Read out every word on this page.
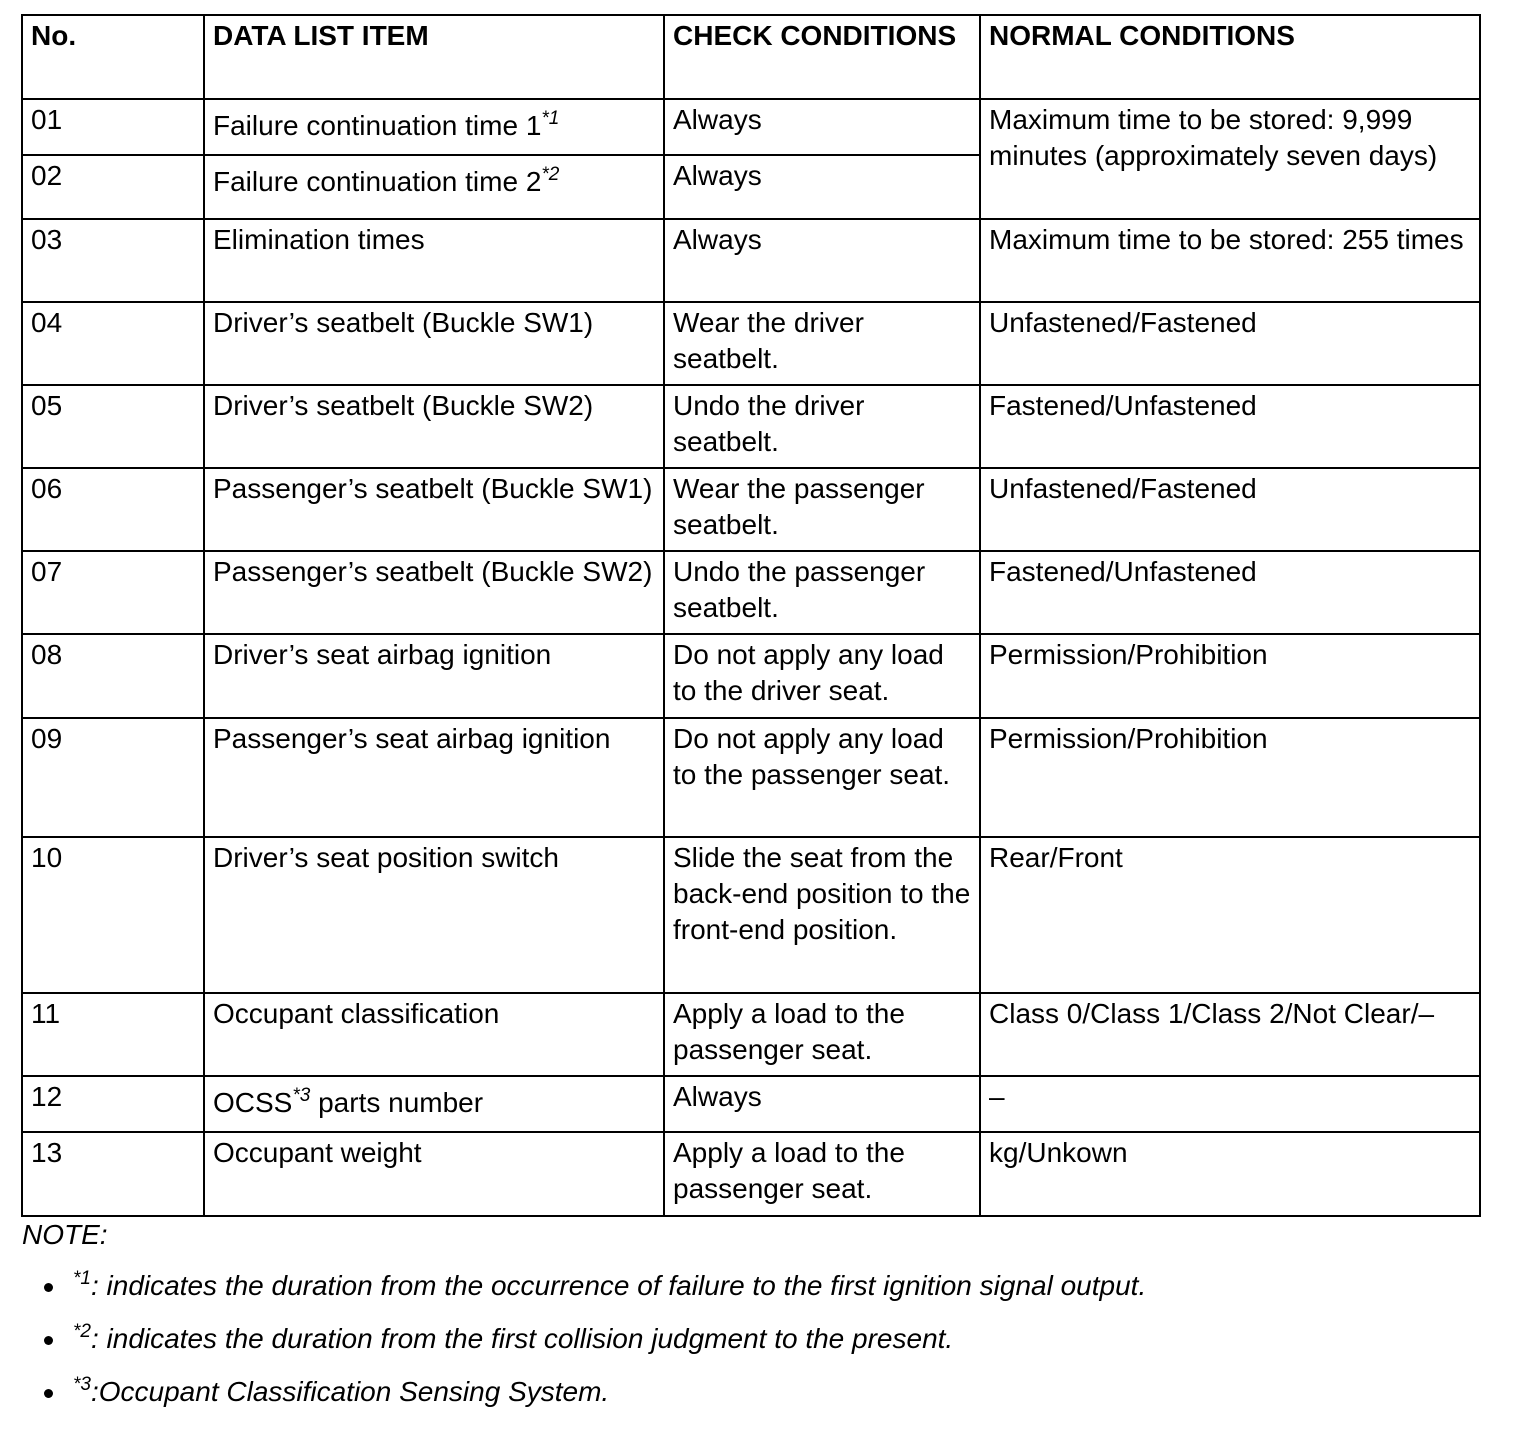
No.	DATA LIST ITEM	CHECK CONDITIONS	NORMAL CONDITIONS
01	Failure continuation time 1$^{*1}$	Always	Maximum time to be stored: 9,999 minutes (approximately seven days)
02	Failure continuation time 2$^{*2}$	Always	
03	Elimination times	Always	Maximum time to be stored: 255 times
04	Driver’s seatbelt (Buckle SW1)	Wear the driver seatbelt.	Unfastened/Fastened
05	Driver’s seatbelt (Buckle SW2)	Undo the driver seatbelt.	Fastened/Unfastened
06	Passenger’s seatbelt (Buckle SW1)	Wear the passenger seatbelt.	Unfastened/Fastened
07	Passenger’s seatbelt (Buckle SW2)	Undo the passenger seatbelt.	Fastened/Unfastened
08	Driver’s seat airbag ignition	Do not apply any load to the driver seat.	Permission/Prohibition
09	Passenger’s seat airbag ignition	Do not apply any load to the passenger seat.	Permission/Prohibition
10	Driver’s seat position switch	Slide the seat from the back-end position to the front-end position.	Rear/Front
11	Occupant classification	Apply a load to the passenger seat.	Class 0/Class 1/Class 2/Not Clear/–
12	OCSS$^{*3}$ parts number	Always	–
13	Occupant weight	Apply a load to the passenger seat.	kg/Unkown
NOTE:
$^{*1}$: indicates the duration from the occurrence of failure to the first ignition signal output.
$^{*2}$: indicates the duration from the first collision judgment to the present.
$^{*3}$:Occupant Classification Sensing System.
